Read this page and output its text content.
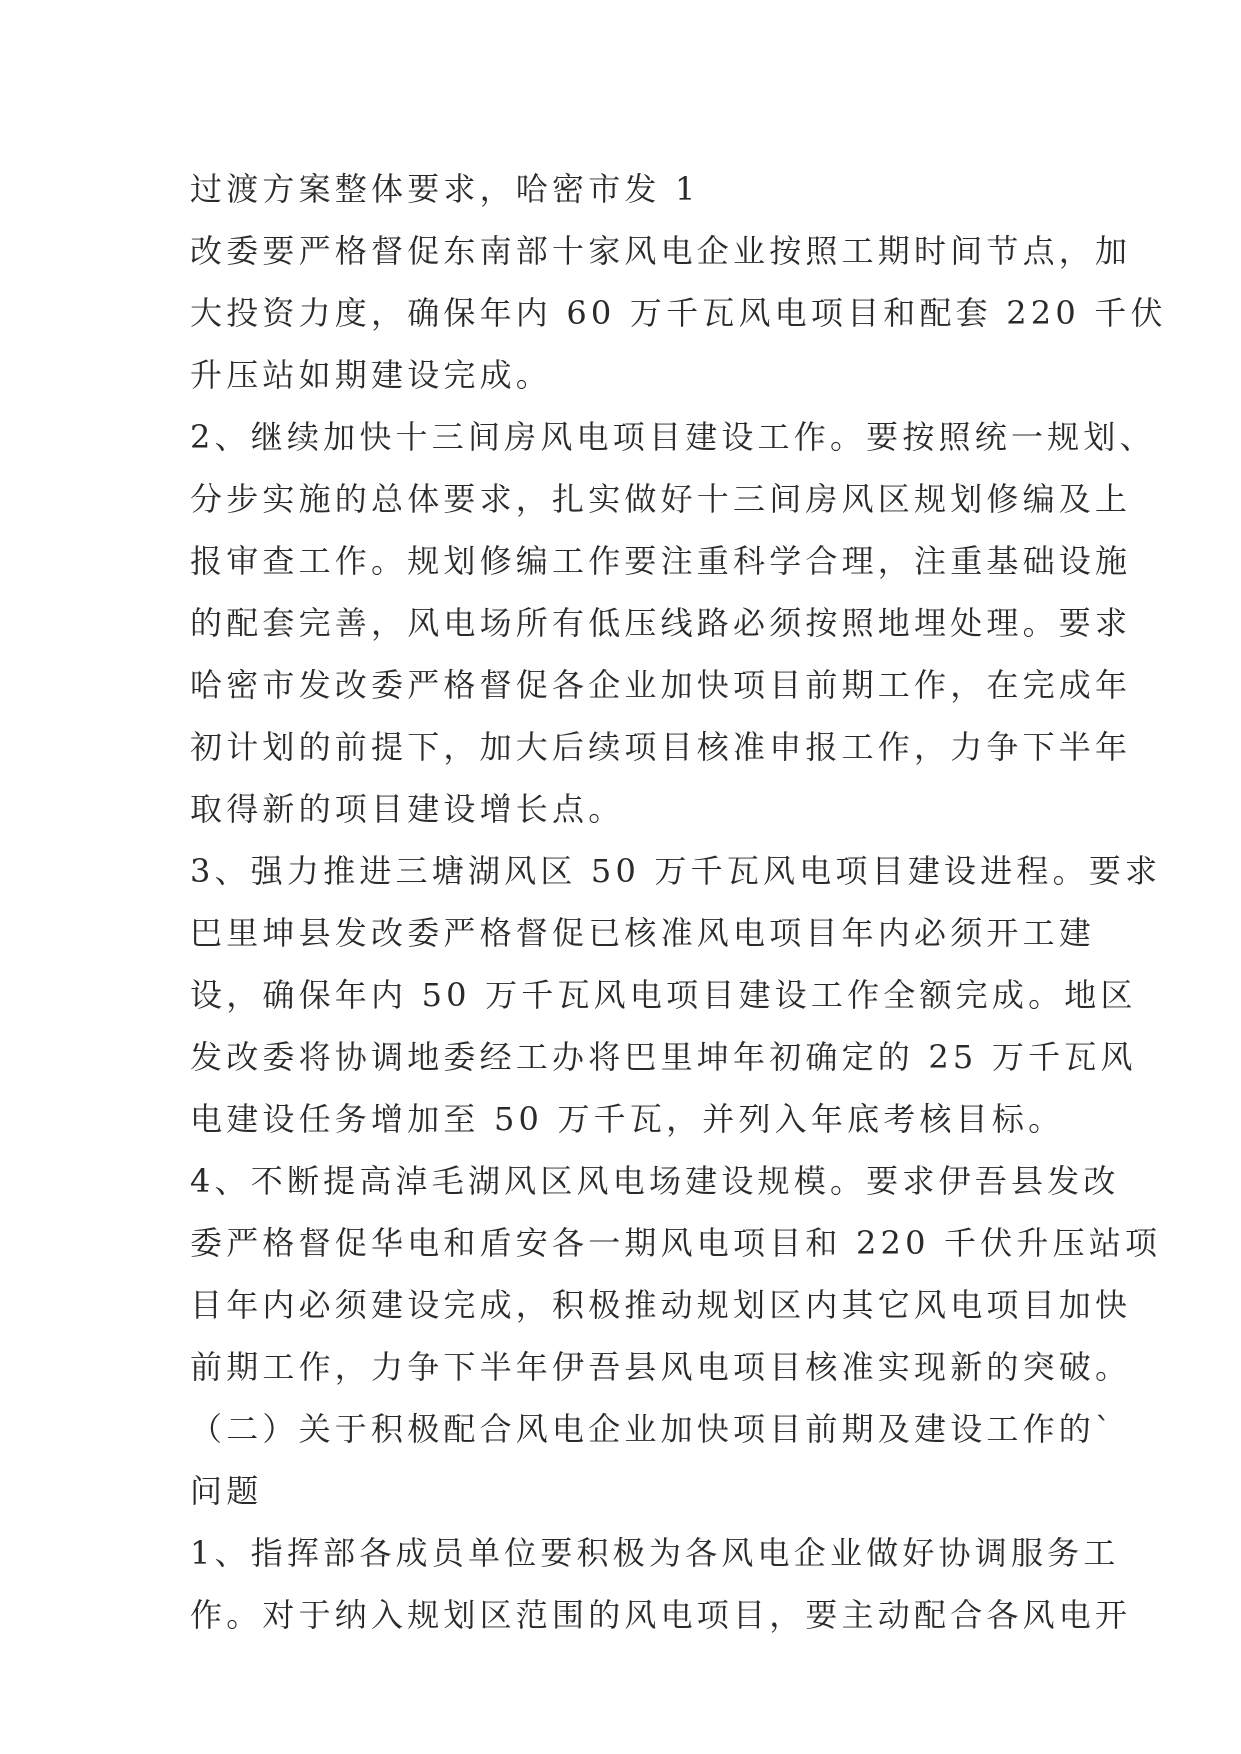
过渡方案整体要求，哈密市发 1
改委要严格督促东南部十家风电企业按照工期时间节点，加
大投资力度，确保年内 60 万千瓦风电项目和配套 220 千伏
升压站如期建设完成。
2、继续加快十三间房风电项目建设工作。要按照统一规划、
分步实施的总体要求，扎实做好十三间房风区规划修编及上
报审查工作。规划修编工作要注重科学合理，注重基础设施
的配套完善，风电场所有低压线路必须按照地埋处理。要求
哈密市发改委严格督促各企业加快项目前期工作，在完成年
初计划的前提下，加大后续项目核准申报工作，力争下半年
取得新的项目建设增长点。
3、强力推进三塘湖风区 50 万千瓦风电项目建设进程。要求
巴里坤县发改委严格督促已核准风电项目年内必须开工建
设，确保年内 50 万千瓦风电项目建设工作全额完成。地区
发改委将协调地委经工办将巴里坤年初确定的 25 万千瓦风
电建设任务增加至 50 万千瓦，并列入年底考核目标。
4、不断提高淖毛湖风区风电场建设规模。要求伊吾县发改
委严格督促华电和盾安各一期风电项目和 220 千伏升压站项
目年内必须建设完成，积极推动规划区内其它风电项目加快
前期工作，力争下半年伊吾县风电项目核准实现新的突破。
（二）关于积极配合风电企业加快项目前期及建设工作的`
问题
1、指挥部各成员单位要积极为各风电企业做好协调服务工
作。对于纳入规划区范围的风电项目，要主动配合各风电开
